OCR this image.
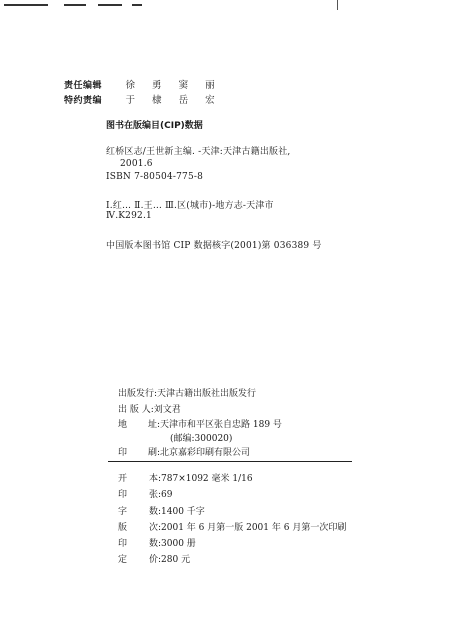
责任编辑 徐 勇 窦 丽
特约责编 于 棣 岳 宏
图书在版编目(CIP)数据
红桥区志/王世新主编. -天津:天津古籍出版社,
2001.6
ISBN 7-80504-775-8
Ⅰ.红… Ⅱ.王… Ⅲ.区(城市)-地方志-天津市
Ⅳ.K292.1
中国版本图书馆 CIP 数据核字(2001)第 036389 号
出版发行:天津古籍出版社出版发行
出 版 人:刘文君
地 址:天津市和平区张自忠路 189 号
(邮编:300020)
印 刷:北京嘉彩印刷有限公司
开 本:787×1092 毫米 1/16
印 张:69
字 数:1400 千字
版 次:2001 年 6 月第一版 2001 年 6 月第一次印刷
印 数:3000 册
定 价:280 元
